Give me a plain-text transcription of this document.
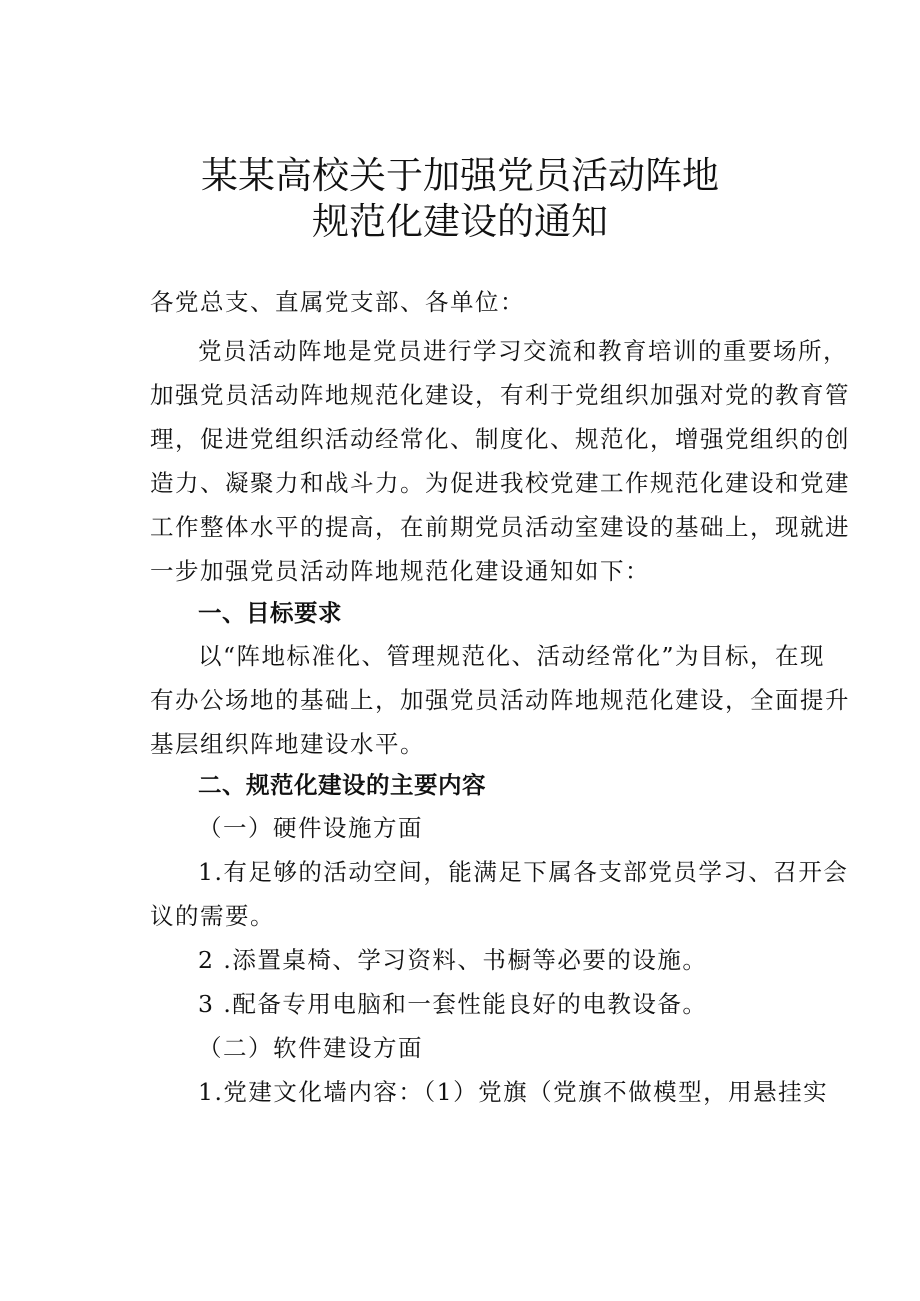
某某高校关于加强党员活动阵地
规范化建设的通知
各党总支、直属党支部、各单位：
党员活动阵地是党员进行学习交流和教育培训的重要场所，
加强党员活动阵地规范化建设，有利于党组织加强对党的教育管
理，促进党组织活动经常化、制度化、规范化，增强党组织的创
造力、凝聚力和战斗力。为促进我校党建工作规范化建设和党建
工作整体水平的提高，在前期党员活动室建设的基础上，现就进
一步加强党员活动阵地规范化建设通知如下：
一、目标要求
以“阵地标准化、管理规范化、活动经常化”为目标，在现
有办公场地的基础上，加强党员活动阵地规范化建设，全面提升
基层组织阵地建设水平。
二、规范化建设的主要内容
（一）硬件设施方面
1.有足够的活动空间，能满足下属各支部党员学习、召开会
议的需要。
2 .添置桌椅、学习资料、书橱等必要的设施。
3 .配备专用电脑和一套性能良好的电教设备。
（二）软件建设方面
1.党建文化墙内容：（1）党旗（党旗不做模型，用悬挂实
